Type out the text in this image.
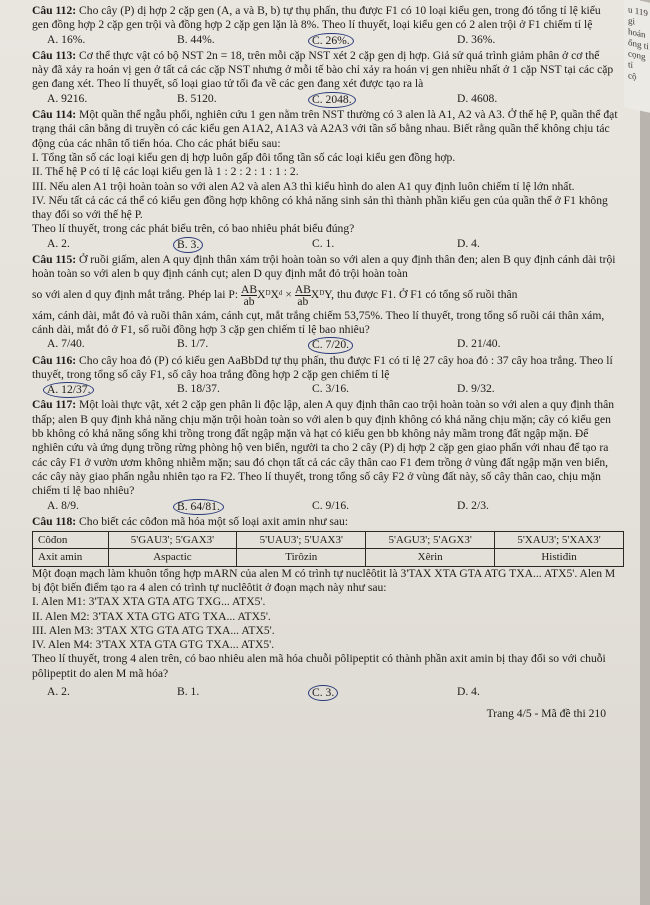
Câu 112: Cho cây (P) dị hợp 2 cặp gen (A, a và B, b) tự thụ phấn, thu được F1 có 10 loại kiểu gen, trong đó tổng tỉ lệ kiểu gen đồng hợp 2 cặp gen trội và đồng hợp 2 cặp gen lặn là 8%. Theo lí thuyết, loại kiểu gen có 2 alen trội ở F1 chiếm tỉ lệ

A. 16%.	B. 44%.	C. 26%.	D. 36%.

Câu 113: Cơ thể thực vật có bộ NST 2n = 18, trên mỗi cặp NST xét 2 cặp gen dị hợp. Giả sử quá trình giảm phân ở cơ thể này đã xảy ra hoán vị gen ở tất cả các cặp NST nhưng ở mỗi tế bào chỉ xảy ra hoán vị gen nhiều nhất ở 1 cặp NST tại các cặp gen đang xét. Theo lí thuyết, số loại giao tử tối đa về các gen đang xét được tạo ra là

A. 9216.	B. 5120.	C. 2048.	D. 4608.

Câu 114: Một quần thể ngẫu phối, nghiên cứu 1 gen nằm trên NST thường có 3 alen là A1, A2 và A3. Ở thế hệ P, quần thể đạt trạng thái cân bằng di truyền có các kiểu gen A1A2, A1A3 và A2A3 với tần số bằng nhau. Biết rằng quần thể không chịu tác động của các nhân tố tiến hóa. Cho các phát biểu sau:

I. Tổng tần số các loại kiểu gen dị hợp luôn gấp đôi tổng tần số các loại kiểu gen đồng hợp.

II. Thế hệ P có tỉ lệ các loại kiểu gen là 1 : 2 : 2 : 1 : 1 : 2.

III. Nếu alen A1 trội hoàn toàn so với alen A2 và alen A3 thì kiểu hình do alen A1 quy định luôn chiếm tỉ lệ lớn nhất.

IV. Nếu tất cả các cá thể có kiểu gen đồng hợp không có khả năng sinh sản thì thành phần kiểu gen của quần thể ở F1 không thay đổi so với thế hệ P.

Theo lí thuyết, trong các phát biểu trên, có bao nhiêu phát biểu đúng?

A. 2.	B. 3.	C. 1.	D. 4.

Câu 115: Ở ruồi giấm, alen A quy định thân xám trội hoàn toàn so với alen a quy định thân đen; alen B quy định cánh dài trội hoàn toàn so với alen b quy định cánh cụt; alen D quy định mắt đỏ trội hoàn toàn

so với alen d quy định mắt trắng. Phép lai P: $\frac{AB}{ab}$ XᴰXᵈ × $\frac{AB}{ab}$ XᴰY, thu được F1. Ở F1 có tổng số ruồi thân

xám, cánh dài, mắt đỏ và ruồi thân xám, cánh cụt, mắt trắng chiếm 53,75%. Theo lí thuyết, trong tổng số ruồi cái thân xám, cánh dài, mắt đỏ ở F1, số ruồi đồng hợp 3 cặp gen chiếm tỉ lệ bao nhiêu?

A. 7/40.	B. 1/7.	C. 7/20.	D. 21/40.

Câu 116: Cho cây hoa đỏ (P) có kiểu gen AaBbDd tự thụ phấn, thu được F1 có tỉ lệ 27 cây hoa đỏ : 37 cây hoa trắng. Theo lí thuyết, trong tổng số cây F1, số cây hoa trắng đồng hợp 2 cặp gen chiếm tỉ lệ

A. 12/37.	B. 18/37.	C. 3/16.	D. 9/32.

Câu 117: Một loài thực vật, xét 2 cặp gen phân li độc lập, alen A quy định thân cao trội hoàn toàn so với alen a quy định thân thấp; alen B quy định khả năng chịu mặn trội hoàn toàn so với alen b quy định không có khả năng chịu mặn; cây có kiểu gen bb không có khả năng sống khi trồng trong đất ngập mặn và hạt có kiểu gen bb không nảy mầm trong đất ngập mặn. Để nghiên cứu và ứng dụng trồng rừng phòng hộ ven biển, người ta cho 2 cây (P) dị hợp 2 cặp gen giao phấn với nhau để tạo ra các cây F1 ở vườn ươm không nhiễm mặn; sau đó chọn tất cả các cây thân cao F1 đem trồng ở vùng đất ngập mặn ven biển, các cây này giao phấn ngẫu nhiên tạo ra F2. Theo lí thuyết, trong tổng số cây F2 ở vùng đất này, số cây thân cao, chịu mặn chiếm tỉ lệ bao nhiêu?

A. 8/9.	B. 64/81.	C. 9/16.	D. 2/3.

Câu 118: Cho biết các côđon mã hóa một số loại axit amin như sau:

Côđon	5'GAU3'; 5'GAX3'	5'UAU3'; 5'UAX3'	5'AGU3'; 5'AGX3'	5'XAU3'; 5'XAX3'
Axit amin	Aspactic	Tirôzin	Xêrin	Histiđin

Một đoạn mạch làm khuôn tổng hợp mARN của alen M có trình tự nuclêôtit là 3'TAX XTA GTA ATG TXA... ATX5'. Alen M bị đột biến điểm tạo ra 4 alen có trình tự nuclêôtit ở đoạn mạch này như sau:

I. Alen M1: 3'TAX XTA GTA ATG TXG... ATX5'.

II. Alen M2: 3'TAX XTA GTG ATG TXA... ATX5'.

III. Alen M3: 3'TAX XTG GTA ATG TXA... ATX5'.

IV. Alen M4: 3'TAX XTA GTA GTG TXA... ATX5'.

Theo lí thuyết, trong 4 alen trên, có bao nhiêu alen mã hóa chuỗi pôlipeptit có thành phần axit amin bị thay đổi so với chuỗi pôlipeptit do alen M mã hóa?

A. 2.	B. 1.	C. 3.	D. 4.
Trang 4/5 - Mã đề thi 210
u 119
gi hoán
ổng tỉ
cọng tỉ
cộ
